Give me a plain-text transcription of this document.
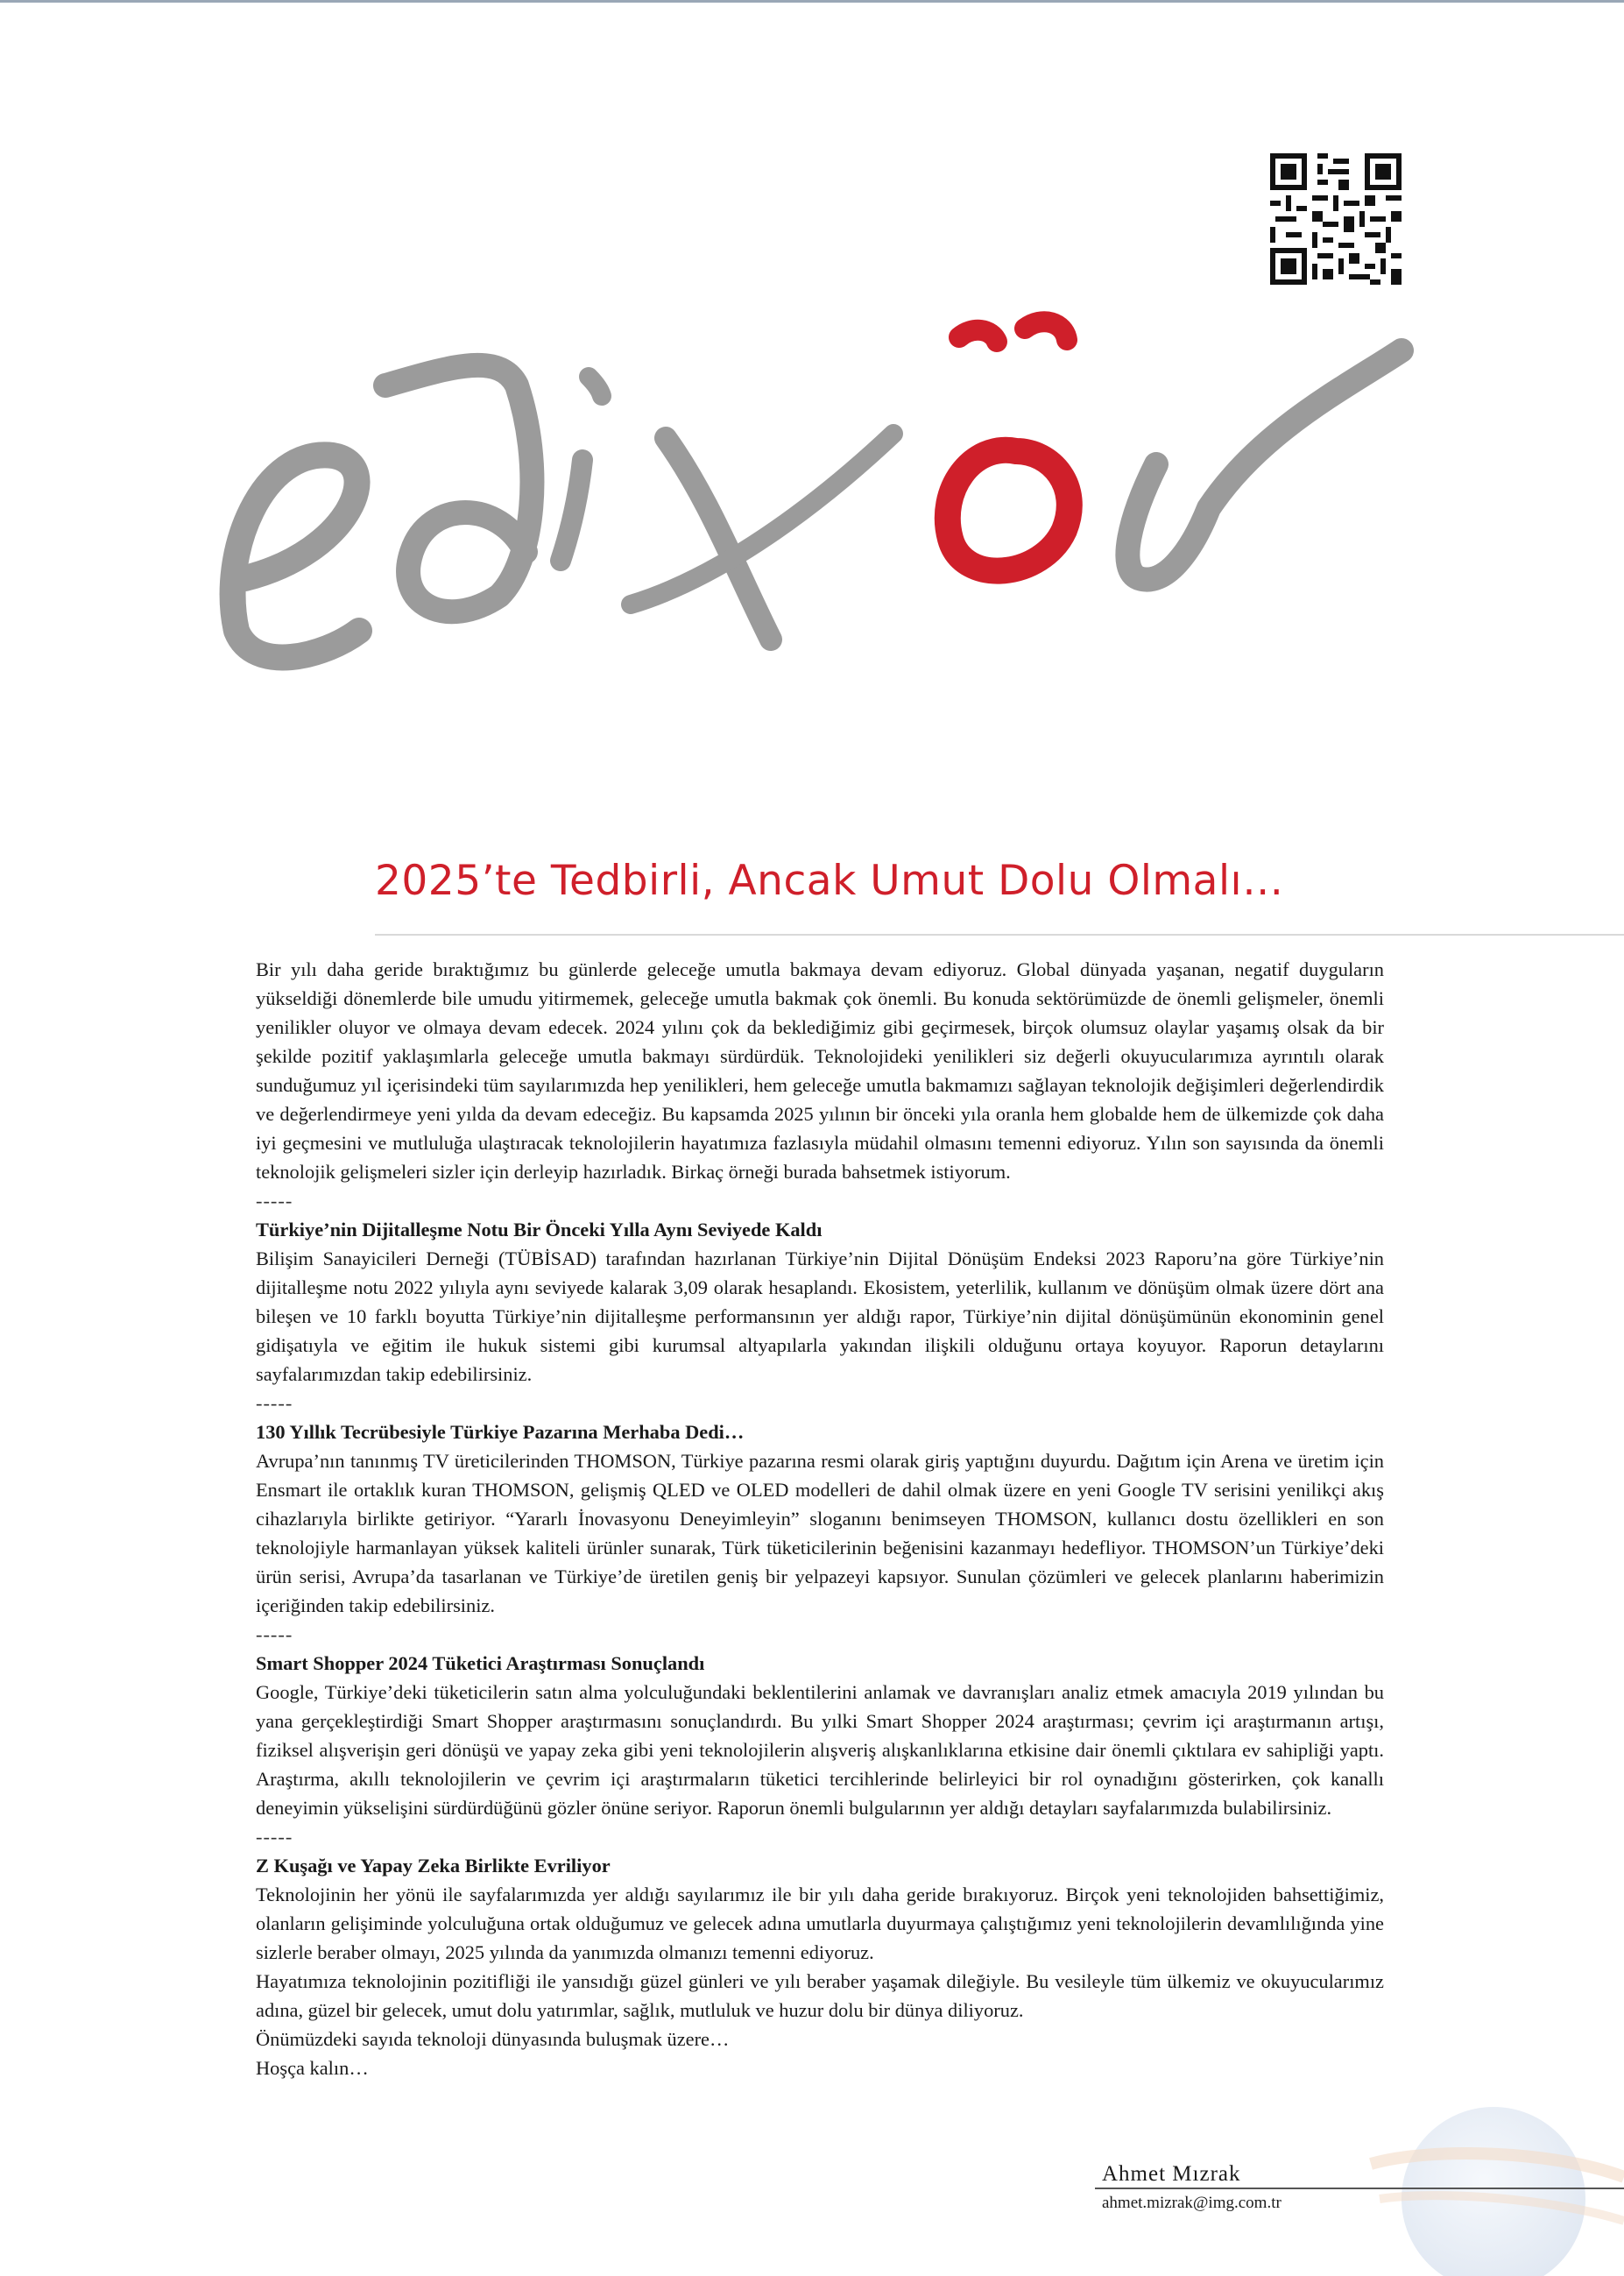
2025’te Tedbirli, Ancak Umut Dolu Olmalı…

Bir yılı daha geride bıraktığımız bu günlerde geleceğe umutla bakmaya devam ediyoruz. Global dünyada yaşanan, negatif duyguların yükseldiği dönemlerde bile umudu yitirmemek, geleceğe umutla bakmak çok önemli. Bu konuda sektörümüzde de önemli gelişmeler, önemli yenilikler oluyor ve olmaya devam edecek. 2024 yılını çok da beklediğimiz gibi geçirmesek, birçok olumsuz olaylar yaşamış olsak da bir şekilde pozitif yaklaşımlarla geleceğe umutla bakmayı sürdürdük. Teknolojideki yenilikleri siz değerli okuyucularımıza ayrıntılı olarak sunduğumuz yıl içerisindeki tüm sayılarımızda hep yenilikleri, hem geleceğe umutla bakmamızı sağlayan teknolojik değişimleri değerlendirdik ve değerlendirmeye yeni yılda da devam edeceğiz. Bu kapsamda 2025 yılının bir önceki yıla oranla hem globalde hem de ülkemizde çok daha iyi geçmesini ve mutluluğa ulaştıracak teknolojilerin hayatımıza fazlasıyla müdahil olmasını temenni ediyoruz. Yılın son sayısında da önemli teknolojik gelişmeleri sizler için derleyip hazırladık. Birkaç örneği burada bahsetmek istiyorum.

-----

Türkiye’nin Dijitalleşme Notu Bir Önceki Yılla Aynı Seviyede Kaldı

Bilişim Sanayicileri Derneği (TÜBİSAD) tarafından hazırlanan Türkiye’nin Dijital Dönüşüm Endeksi 2023 Raporu’na göre Türkiye’nin dijitalleşme notu 2022 yılıyla aynı seviyede kalarak 3,09 olarak hesaplandı. Ekosistem, yeterlilik, kullanım ve dönüşüm olmak üzere dört ana bileşen ve 10 farklı boyutta Türkiye’nin dijitalleşme performansının yer aldığı rapor, Türkiye’nin dijital dönüşümünün ekonominin genel gidişatıyla ve eğitim ile hukuk sistemi gibi kurumsal altyapılarla yakından ilişkili olduğunu ortaya koyuyor. Raporun detaylarını sayfalarımızdan takip edebilirsiniz.

-----

130 Yıllık Tecrübesiyle Türkiye Pazarına Merhaba Dedi…

Avrupa’nın tanınmış TV üreticilerinden THOMSON, Türkiye pazarına resmi olarak giriş yaptığını duyurdu. Dağıtım için Arena ve üretim için Ensmart ile ortaklık kuran THOMSON, gelişmiş QLED ve OLED modelleri de dahil olmak üzere en yeni Google TV serisini yenilikçi akış cihazlarıyla birlikte getiriyor. “Yararlı İnovasyonu Deneyimleyin” sloganını benimseyen THOMSON, kullanıcı dostu özellikleri en son teknolojiyle harmanlayan yüksek kaliteli ürünler sunarak, Türk tüketicilerinin beğenisini kazanmayı hedefliyor. THOMSON’un Türkiye’deki ürün serisi, Avrupa’da tasarlanan ve Türkiye’de üretilen geniş bir yelpazeyi kapsıyor. Sunulan çözümleri ve gelecek planlarını haberimizin içeriğinden takip edebilirsiniz.

-----

Smart Shopper 2024 Tüketici Araştırması Sonuçlandı

Google, Türkiye’deki tüketicilerin satın alma yolculuğundaki beklentilerini anlamak ve davranışları analiz etmek amacıyla 2019 yılından bu yana gerçekleştirdiği Smart Shopper araştırmasını sonuçlandırdı. Bu yılki Smart Shopper 2024 araştırması; çevrim içi araştırmanın artışı, fiziksel alışverişin geri dönüşü ve yapay zeka gibi yeni teknolojilerin alışveriş alışkanlıklarına etkisine dair önemli çıktılara ev sahipliği yaptı. Araştırma, akıllı teknolojilerin ve çevrim içi araştırmaların tüketici tercihlerinde belirleyici bir rol oynadığını gösterirken, çok kanallı deneyimin yükselişini sürdürdüğünü gözler önüne seriyor. Raporun önemli bulgularının yer aldığı detayları sayfalarımızda bulabilirsiniz.

-----

Z Kuşağı ve Yapay Zeka Birlikte Evriliyor

Teknolojinin her yönü ile sayfalarımızda yer aldığı sayılarımız ile bir yılı daha geride bırakıyoruz. Birçok yeni teknolojiden bahsettiğimiz, olanların gelişiminde yolculuğuna ortak olduğumuz ve gelecek adına umutlarla duyurmaya çalıştığımız yeni teknolojilerin devamlılığında yine sizlerle beraber olmayı, 2025 yılında da yanımızda olmanızı temenni ediyoruz.

Hayatımıza teknolojinin pozitifliği ile yansıdığı güzel günleri ve yılı beraber yaşamak dileğiyle. Bu vesileyle tüm ülkemiz ve okuyucularımız adına, güzel bir gelecek, umut dolu yatırımlar, sağlık, mutluluk ve huzur dolu bir dünya diliyoruz.

Önümüzdeki sayıda teknoloji dünyasında buluşmak üzere…

Hoşça kalın…

Ahmet Mızrak
ahmet.mizrak@img.com.tr
